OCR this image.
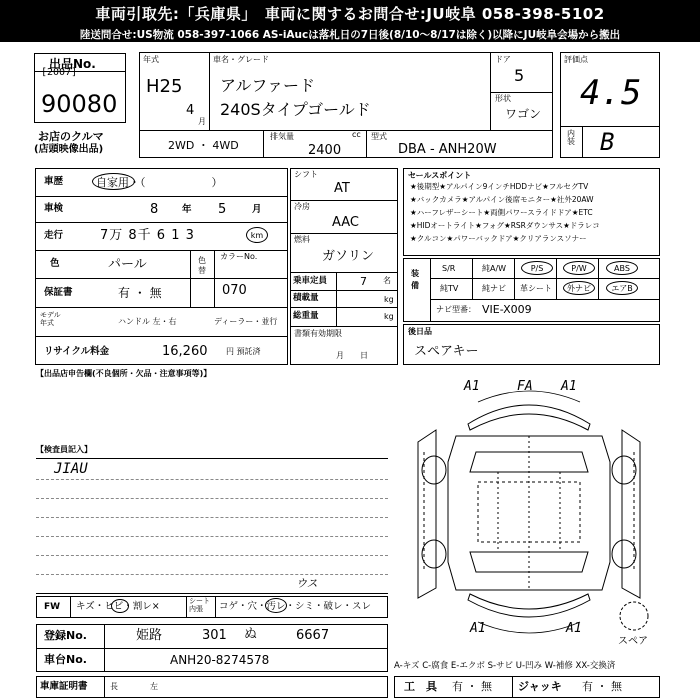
車両引取先:「兵庫県」　車両に関するお問合せ:JU岐阜 058-398-5102
陸送問合せ:US物流 058-397-1066 AS-iAucは落札日の7日後(8/10～8/17は除く)以降にJU岐阜会場から搬出
出品No.
[2007]
90080
お店のクルマ
(店頭映像出品)
年式
H25
4
月
車名・グレード
アルファード
240Sタイプゴールド
ドア
5
形状
ワゴン
2WD ・ 4WD
排気量	cc
2400
型式
DBA - ANH20W
評価点
4.5
内装 B
車歴	自家用・（　　　　　　）
車検	8 年 5	月
走行	7万 8千 6 1 3	km
色	パール	色替
カラーNo.
070
保証書	有 ・ 無
モデル年式	ハンドル 左・右	ディーラー・並行
リサイクル料金	16,260 円 預託済
シフト
AT
冷房
AAC
燃料
ガソリン
乗車定員	7 名
積載量	kg
総重量	kg
書類有効期限
月　　日
セールスポイント
★後期型★アルパイン9インチHDDナビ★フルセグTV
★バックカメラ★アルパイン後席モニター★社外20AW
★ハーフレザーシート★両側パワースライドドア★ETC
★HIDオートライト★フォグ★RSRダウンサス★ドラレコ
★クルコン★パワーバックドア★クリアランスソナー
装備
S/R	純A/W	P/S	P/W	ABS
純TV	純ナビ 革シート 外ナビ	エアB
ナビ型番： VIE-X009
後日品
スペアキー
【出品店申告欄(不良個所・欠品・注意事項等)】
【検査員記入】
JIAU
FW キズ・ヒビ・割レ×	シート内張	コゲ・穴・汚レ・シミ・破レ・スレ
ウス
登録No.	姫路	301 ぬ	6667
車台No.	ANH20-8274578
車庫証明書	長　　　　左
A1	FA A1
A1	A1
スペア
A-キズ C-腐食 E-エクボ S-サビ U-凹み W-補修 XX-交換済
工　具 有 ・ 無 ジャッキ 有 ・ 無
